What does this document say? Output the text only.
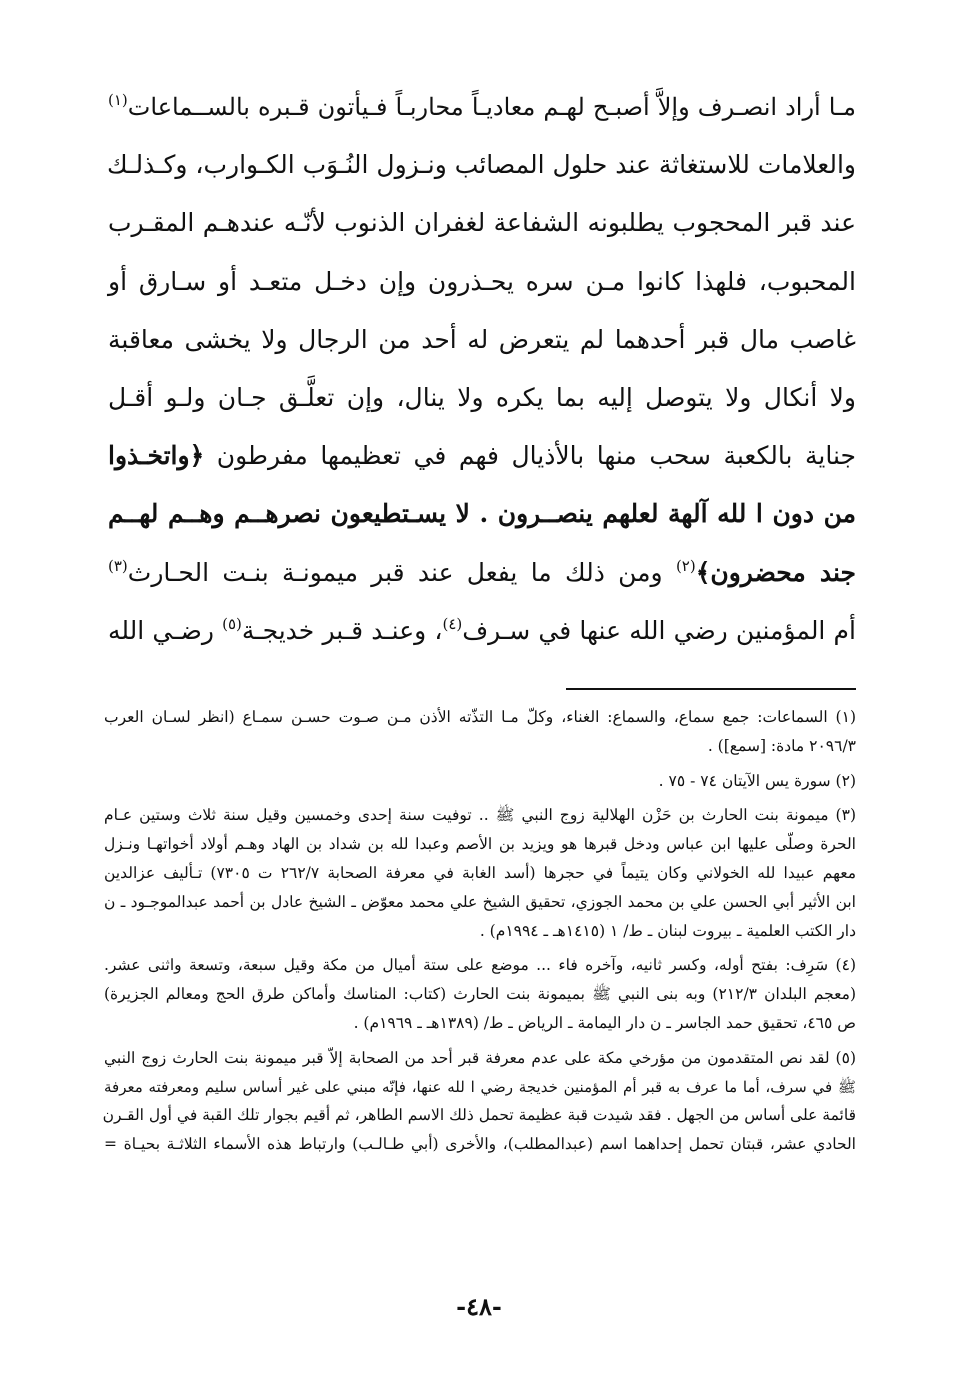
مـا أراد انصـرف وإلاَّ أصبـح لهـم معاديـاً محاربـاً فـيأتون قـبره بالســماعات$^{(١)}$
والعلامات للاستغاثة عند حلول المصائب ونـزول النُـوَب الكـوارب، وكـذلـك
عند قبر المحجوب يطلبونه الشفاعة لغفران الذنوب لأنّـه عندهـم المقـرب
المحبوب، فلهذا كانوا مـن سره يحـذرون وإن دخـل متعـد أو سـارق أو
غاصب مال قبر أحدهما لم يتعرض له أحد من الرجال ولا يخشى معاقبة
ولا أنكال ولا يتوصل إليه بما يكره ولا ينال، وإن تعلَّـق جـان ولـو أقـل
جناية بالكعبة سحب منها بالأذيال فهم في تعظيمها مفرطون ﴿واتخـذوا
من دون ا لله آلهة لعلهم ينصــرون . لا يسـتطيعون نصرهــم وهــم لهــم
جند محضرون﴾$^{(٢)}$ ومن ذلك ما يفعل عند قبر ميمونـة بنـت الحـارث$^{(٣)}$
أم المؤمنين رضي الله عنها في سـرف$^{(٤)}$، وعنـد قـبر خديجـة$^{(٥)}$ رضـي الله
(١) السماعات: جمع سماع، والسماع: الغناء، وكلّ مـا التذّته الأذن مـن صـوت حسـن سمـاع (انظر لسـان العرب
٢٠٩٦/٣ مادة: [سمع]) .
(٢) سورة يس الآيتان ٧٤ - ٧٥ .
(٣) ميمونة بنت الحارث بن حَزْن الهلالية زوج النبي ﷺ .. توفيت سنة إحدى وخمسين وقيل سنة ثلاث وستين عـام
الحرة وصلّى عليها ابن عباس ودخل قبرها هو ويزيد بن الأصم وعبدا لله بن شداد بن الهاد وهـم أولاد أخواتهـا ونـزل
معهم عبيدا لله الخولاني وكان يتيماً في حجرها (أسد الغابة في معرفة الصحابة ٢٦٢/٧ ت ٧٣٠٥) تـأليف عزالدين
ابن الأثير أبي الحسن علي بن محمد الجوزي، تحقيق الشيخ علي محمد معوّض ـ الشيخ عادل بن أحمد عبدالموجـود ـ ن
دار الكتب العلمية ـ بيروت لبنان ـ ط/ ١ (١٤١٥هـ ـ ١٩٩٤م) .
(٤) سَرِف: بفتح أوله، وكسر ثانيه، وآخره فاء ... موضع على ستة أميال من مكة وقيل سبعة، وتسعة واثنى عشر.
(معجم البلدان ٢١٢/٣) وبه بنى النبي ﷺ بميمونة بنت الحارث (كتاب: المناسك وأماكن طرق الحج ومعالم الجزيرة)
ص ٤٦٥، تحقيق حمد الجاسر ـ ن دار اليمامة ـ الرياض ـ ط/ (١٣٨٩هـ ـ ١٩٦٩م) .
(٥) لقد نص المتقدمون من مؤرخي مكة على عدم معرفة قبر أحد من الصحابة إلاّ قبر ميمونة بنت الحارث زوج النبي
ﷺ في سرف، أما ما عرف به قبر أم المؤمنين خديجة رضي ا لله عنها، فإنّه مبني على غير أساس سليم ومعرفته معرفة
قائمة على أساس من الجهل . فقد شيدت قبة عظيمة تحمل ذلك الاسم الطاهر، ثم أقيم بجوار تلك القبة في أول القـرن
الحادي عشر، قبتان تحمل إحداهما اسم (عبدالمطلب)، والأخرى (أبي طـالـب) وارتباط هذه الأسماء الثلاثـة بحيـاة =
-٤٨-
